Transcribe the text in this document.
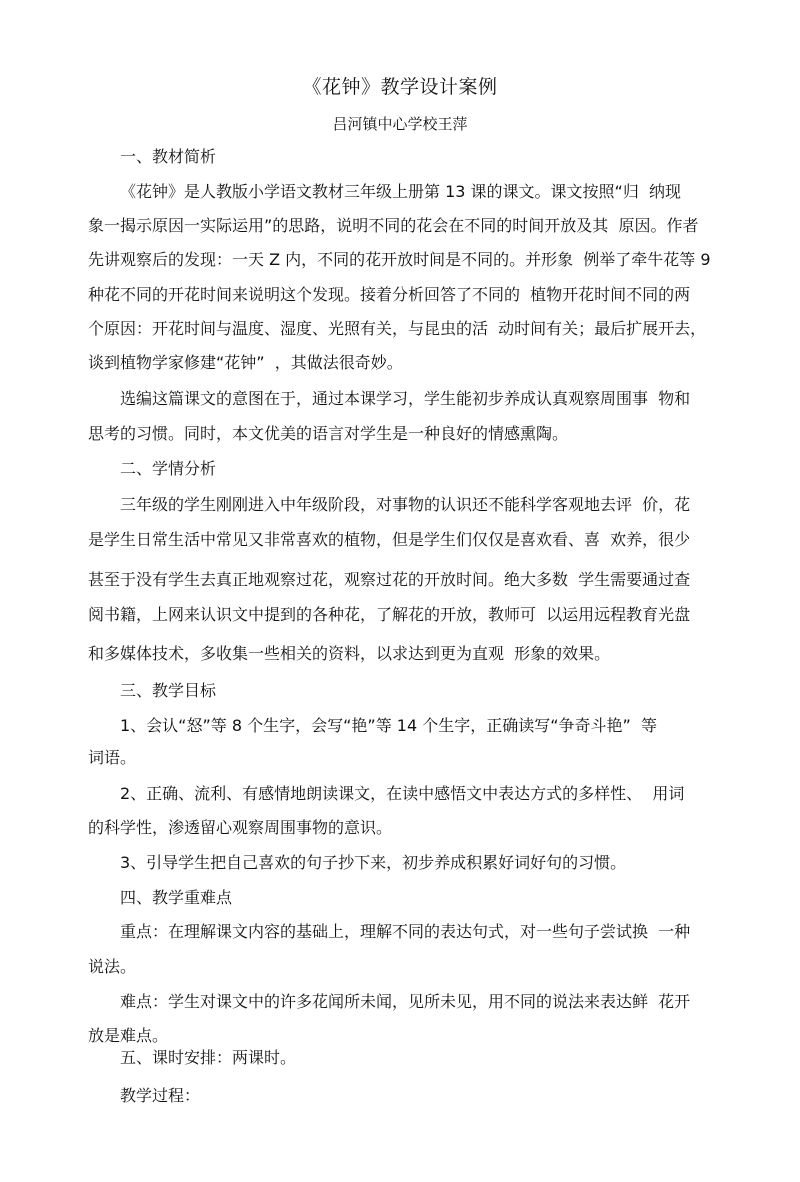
《花钟》教学设计案例
吕河镇中心学校王萍

一、教材简析

《花钟》是人教版小学语文教材三年级上册第 13 课的课文。课文按照“归  纳现

象一揭示原因一实际运用”的思路，说明不同的花会在不同的时间开放及其  原因。作者

先讲观察后的发现：一天 Z 内，不同的花开放时间是不同的。并形象  例举了牵牛花等 9

种花不同的开花时间来说明这个发现。接着分析回答了不同的  植物开花时间不同的两

个原因：开花时间与温度、湿度、光照有关，与昆虫的活  动时间有关；最后扩展开去，

谈到植物学家修建“花钟”  ，其做法很奇妙。

选编这篇课文的意图在于，通过本课学习，学生能初步养成认真观察周围事  物和

思考的习惯。同时，本文优美的语言对学生是一种良好的情感熏陶。

二、学情分析

三年级的学生刚刚进入中年级阶段，对事物的认识还不能科学客观地去评  价，花

是学生日常生活中常见又非常喜欢的植物，但是学生们仅仅是喜欢看、喜  欢养，很少

甚至于没有学生去真正地观察过花，观察过花的开放时间。绝大多数  学生需要通过查

阅书籍，上网来认识文中提到的各种花，了解花的开放，教师可  以运用远程教育光盘

和多媒体技术，多收集一些相关的资料，以求达到更为直观  形象的效果。

三、教学目标

1、会认“怒”等 8 个生字，会写“艳”等 14 个生字，正确读写“争奇斗艳”  等

词语。

2、正确、流利、有感情地朗读课文，在读中感悟文中表达方式的多样性、  用词

的科学性，渗透留心观察周围事物的意识。

3、引导学生把自己喜欢的句子抄下来，初步养成积累好词好句的习惯。

四、教学重难点

重点：在理解课文内容的基础上，理解不同的表达句式，对一些句子尝试换  一种

说法。

难点：学生对课文中的许多花闻所未闻，见所未见，用不同的说法来表达鲜  花开

放是难点。

五、课时安排：两课时。

教学过程：
